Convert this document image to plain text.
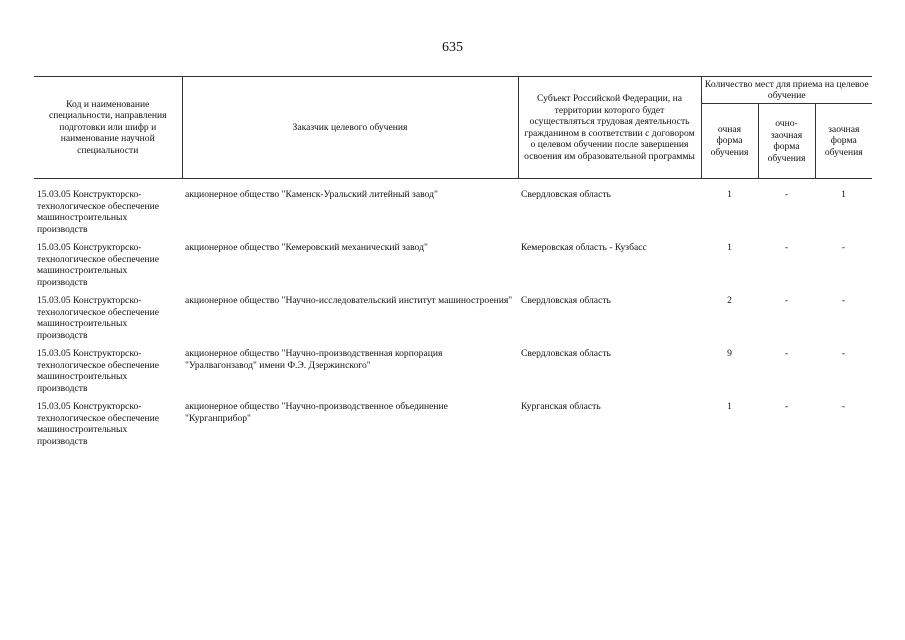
635
Код и наименование специальности, направления подготовки или шифр и наименование научной специальности	Заказчик целевого обучения	Субъект Российской Федерации, на территории которого будет осуществляться трудовая деятельность гражданином в соответствии с договором о целевом обучении после завершения освоения им образовательной программы	Количество мест для приема на целевое обучение		
			очная форма обучения	очно-заочная форма обучения	заочная форма обучения

15.03.05 Конструкторско-технологическое обеспечение машиностроительных производств	акционерное общество "Каменск-Уральский литейный завод"	Свердловская область	1	-	1
15.03.05 Конструкторско-технологическое обеспечение машиностроительных производств	акционерное общество "Кемеровский механический завод"	Кемеровская область - Кузбасс	1	-	-
15.03.05 Конструкторско-технологическое обеспечение машиностроительных производств	акционерное общество "Научно-исследовательский институт машиностроения"	Свердловская область	2	-	-
15.03.05 Конструкторско-технологическое обеспечение машиностроительных производств	акционерное общество "Научно-производственная корпорация "Уралвагонзавод" имени Ф.Э. Дзержинского"	Свердловская область	9	-	-
15.03.05 Конструкторско-технологическое обеспечение машиностроительных производств	акционерное общество "Научно-производственное объединение "Курганприбор"	Курганская область	1	-	-
